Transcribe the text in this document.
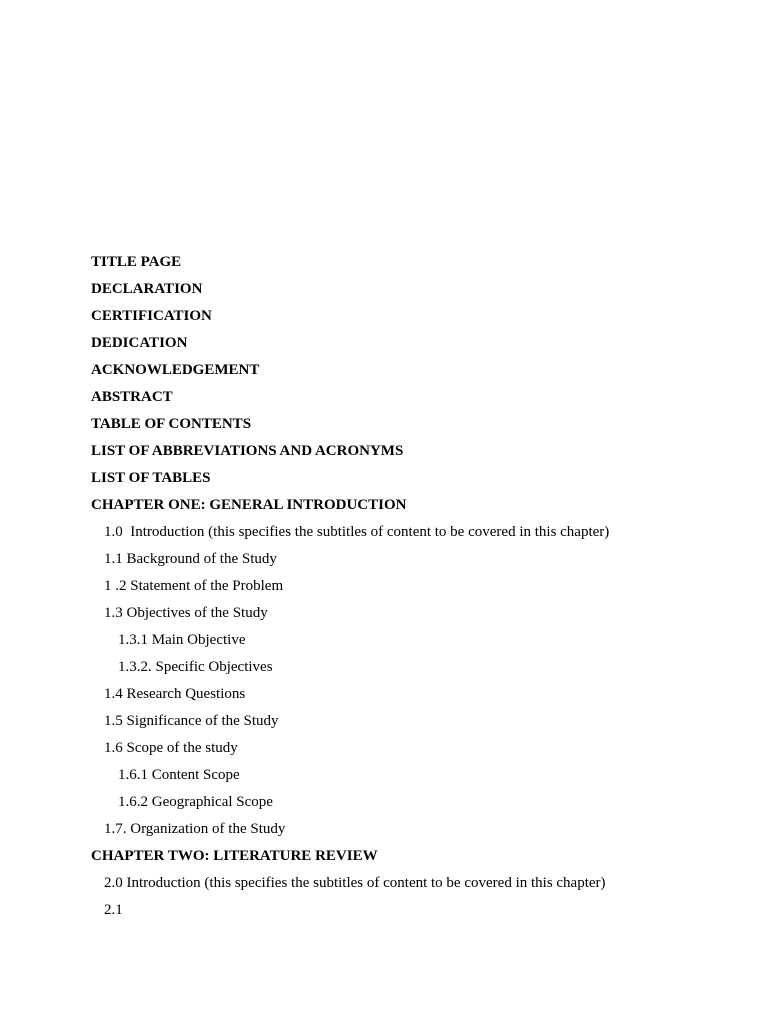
TITLE PAGE
DECLARATION
CERTIFICATION
DEDICATION
ACKNOWLEDGEMENT
ABSTRACT
TABLE OF CONTENTS
LIST OF ABBREVIATIONS AND ACRONYMS
LIST OF TABLES
CHAPTER ONE: GENERAL INTRODUCTION
1.0  Introduction (this specifies the subtitles of content to be covered in this chapter)
1.1 Background of the Study
1 .2 Statement of the Problem
1.3 Objectives of the Study
1.3.1 Main Objective
1.3.2. Specific Objectives
1.4 Research Questions
1.5 Significance of the Study
1.6 Scope of the study
1.6.1 Content Scope
1.6.2 Geographical Scope
1.7. Organization of the Study
CHAPTER TWO: LITERATURE REVIEW
2.0 Introduction (this specifies the subtitles of content to be covered in this chapter)
2.1
